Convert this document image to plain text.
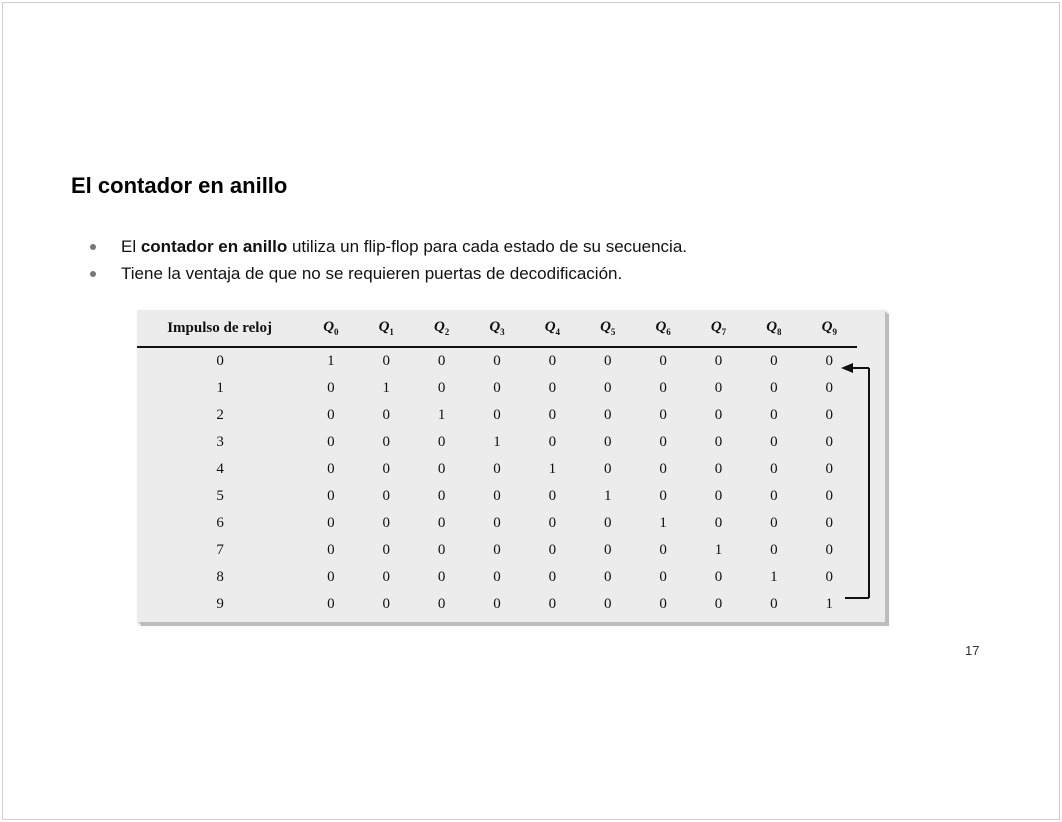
El contador en anillo
El contador en anillo utiliza un flip-flop para cada estado de su secuencia.
Tiene la ventaja de que no se requieren puertas de decodificación.
Impulso de reloj	$Q_0$	$Q_1$	$Q_2$	$Q_3$	$Q_4$	$Q_5$	$Q_6$	$Q_7$	$Q_8$	$Q_9$
0	1	0	0	0	0	0	0	0	0	0
1	0	1	0	0	0	0	0	0	0	0
2	0	0	1	0	0	0	0	0	0	0
3	0	0	0	1	0	0	0	0	0	0
4	0	0	0	0	1	0	0	0	0	0
5	0	0	0	0	0	1	0	0	0	0
6	0	0	0	0	0	0	1	0	0	0
7	0	0	0	0	0	0	0	1	0	0
8	0	0	0	0	0	0	0	0	1	0
9	0	0	0	0	0	0	0	0	0	1
17
